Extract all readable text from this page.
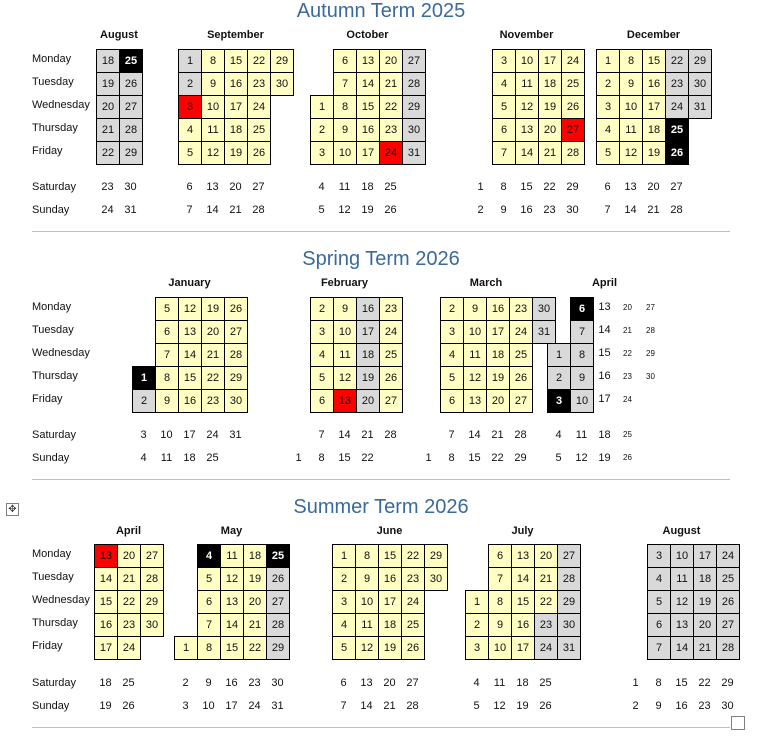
✥
Autumn Term 2025
Monday
Tuesday
Wednesday
Thursday
Friday
Saturday
Sunday
August
18
19
20
21
22
23
24
25
26
27
28
29
30
31
September
1
2
3
4
5
6
7
8
9
10
11
12
13
14
15
16
17
18
19
20
21
22
23
24
25
26
27
28
29
30
October
1
2
3
4
5
6
7
8
9
10
11
12
13
14
15
16
17
18
19
20
21
22
23
24
25
26
27
28
29
30
31
November
1
2
3
4
5
6
7
8
9
10
11
12
13
14
15
16
17
18
19
20
21
22
23
24
25
26
27
28
29
30
December
1
2
3
4
5
6
7
8
9
10
11
12
13
14
15
16
17
18
19
20
21
22
23
24
25
26
27
28
29
30
31
Spring Term 2026
Monday
Tuesday
Wednesday
Thursday
Friday
Saturday
Sunday
January
1
2
3
4
5
6
7
8
9
10
11
12
13
14
15
16
17
18
19
20
21
22
23
24
25
26
27
28
29
30
31
February
1
2
3
4
5
6
7
8
9
10
11
12
13
14
15
16
17
18
19
20
21
22
23
24
25
26
27
28
March
1
2
3
4
5
6
7
8
9
10
11
12
13
14
15
16
17
18
19
20
21
22
23
24
25
26
27
28
29
30
31
April
1
2
3
4
5
6
7
8
9
10
11
12
13
14
15
16
17
18
19
20
21
22
23
24
25
26
27
28
29
30
Summer Term 2026
Monday
Tuesday
Wednesday
Thursday
Friday
Saturday
Sunday
April
13
14
15
16
17
18
19
20
21
22
23
24
25
26
27
28
29
30
May
1
2
3
4
5
6
7
8
9
10
11
12
13
14
15
16
17
18
19
20
21
22
23
24
25
26
27
28
29
30
31
June
1
2
3
4
5
6
7
8
9
10
11
12
13
14
15
16
17
18
19
20
21
22
23
24
25
26
27
28
29
30
July
1
2
3
4
5
6
7
8
9
10
11
12
13
14
15
16
17
18
19
20
21
22
23
24
25
26
27
28
29
30
31
August
1
2
3
4
5
6
7
8
9
10
11
12
13
14
15
16
17
18
19
20
21
22
23
24
25
26
27
28
29
30
